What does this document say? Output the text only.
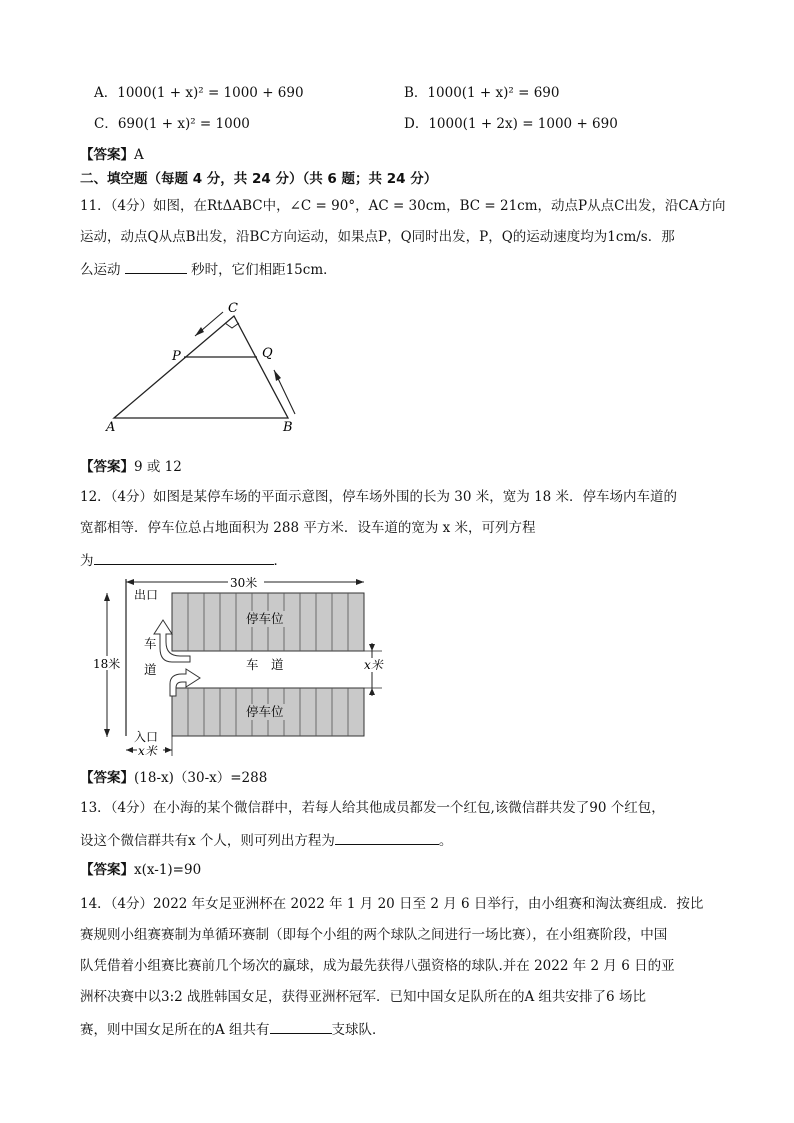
A．1000(1 + x)² = 1000 + 690	B．1000(1 + x)² = 690
C．690(1 + x)² = 1000	D．1000(1 + 2x) = 1000 + 690
【答案】A
二、填空题（每题 4 分，共 24 分）（共 6 题；共 24 分）
11．（4分）如图，在RtΔABC中，∠C = 90°，AC = 30cm，BC = 21cm，动点P从点C出发，沿CA方向
运动，动点Q从点B出发，沿BC方向运动，如果点P，Q同时出发，P，Q的运动速度均为1cm/s．那
么运动	秒时，它们相距15cm．
C
P	Q
A	B
【答案】9 或 12
12．（4分）如图是某停车场的平面示意图，停车场外围的长为 30 米，宽为 18 米．停车场内车道的
宽都相等．停车位总占地面积为 288 平方米．设车道的宽为 x 米，可列方程
为	．
30米
18米
出口
入口
停车位
停车位
车
道	车　道	x米
x米
【答案】(18-x)（30-x）=288
13．（4分）在小海的某个微信群中，若每人给其他成员都发一个红包,该微信群共发了90 个红包，
设这个微信群共有x 个人，则可列出方程为	。
【答案】x(x-1)=90
14．（4分）2022 年女足亚洲杯在 2022 年 1 月 20 日至 2 月 6 日举行，由小组赛和淘汰赛组成．按比
赛规则小组赛赛制为单循环赛制（即每个小组的两个球队之间进行一场比赛），在小组赛阶段，中国
队凭借着小组赛比赛前几个场次的赢球，成为最先获得八强资格的球队.并在 2022 年 2 月 6 日的亚
洲杯决赛中以3:2 战胜韩国女足，获得亚洲杯冠军．已知中国女足队所在的A 组共安排了6 场比
赛，则中国女足所在的A 组共有	支球队．
